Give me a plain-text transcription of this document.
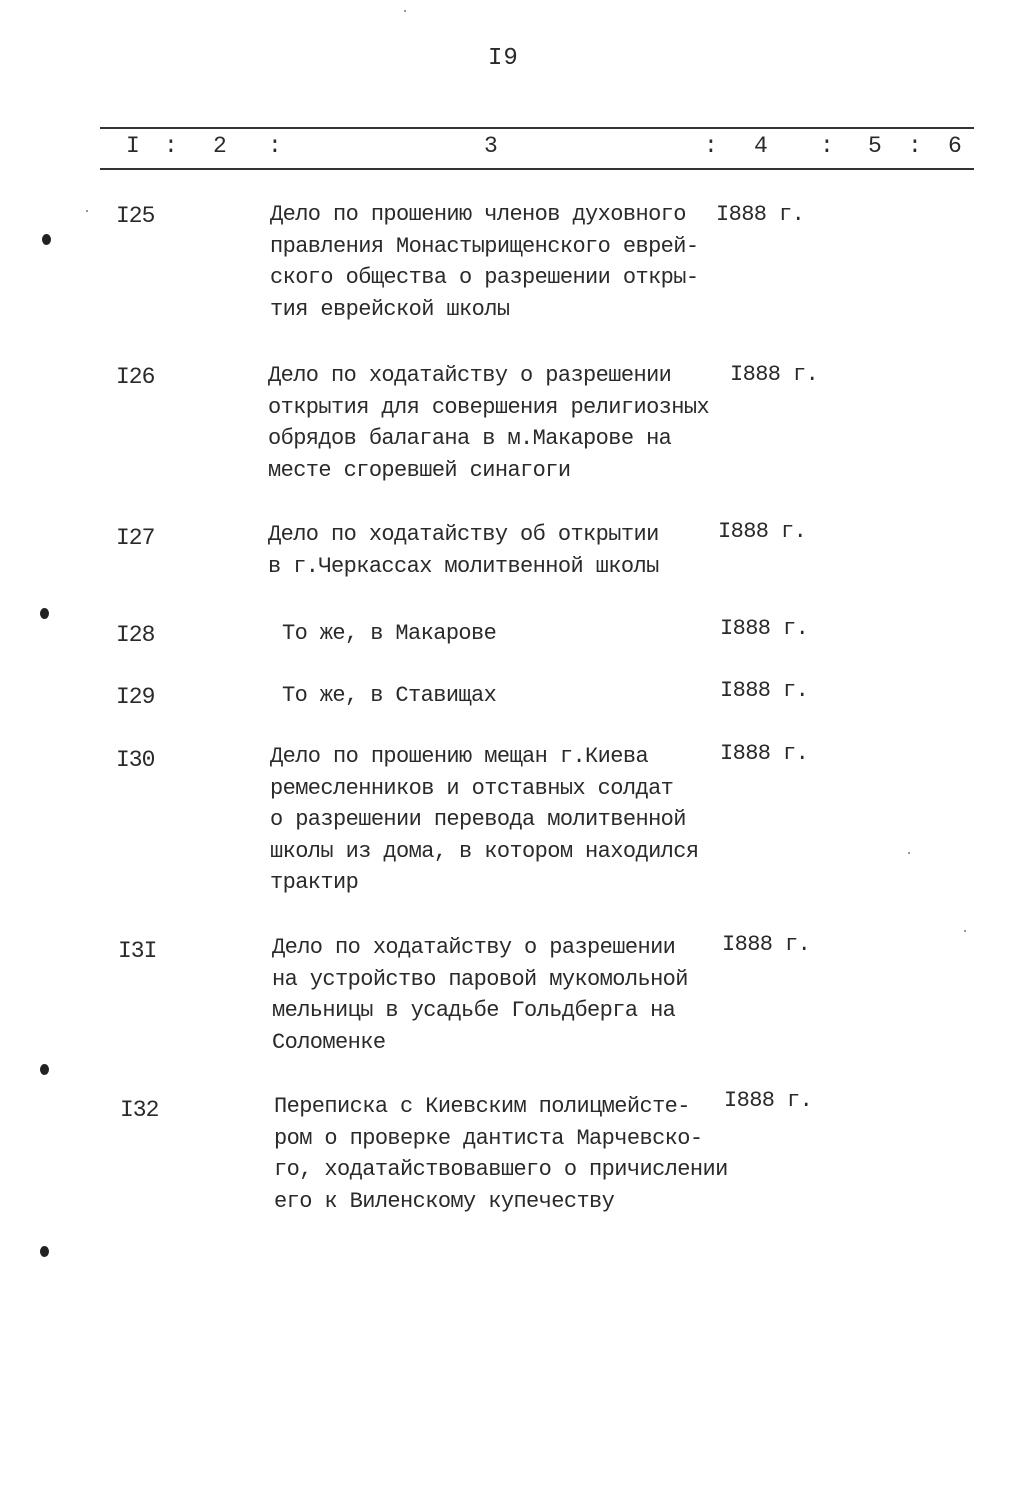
I9
I : 2 :	3	: 4 : 5 : 6
I25	Дело по прошению членов духовного
правления Монастырищенского еврей-
ского общества о разрешении откры-
тия еврейской школы
I888 г.
I26	Дело по ходатайству о разрешении
открытия для совершения религиозных
обрядов балагана в м.Макарове на
месте сгоревшей синагоги
I888 г.
I27	Дело по ходатайству об открытии
в г.Черкассах молитвенной школы
I888 г.
I28	То же, в Макарове	I888 г.
I29	То же, в Ставищах	I888 г.
I30	Дело по прошению мещан г.Киева
ремесленников и отставных солдат
о разрешении перевода молитвенной
школы из дома, в котором находился
трактир
I888 г.
I3I	Дело по ходатайству о разрешении
на устройство паровой мукомольной
мельницы в усадьбе Гольдберга на
Соломенке
I888 г.
I32	Переписка с Киевским полицмейсте-
ром о проверке дантиста Марчевско-
го, ходатайствовавшего о причислении
его к Виленскому купечеству
I888 г.
